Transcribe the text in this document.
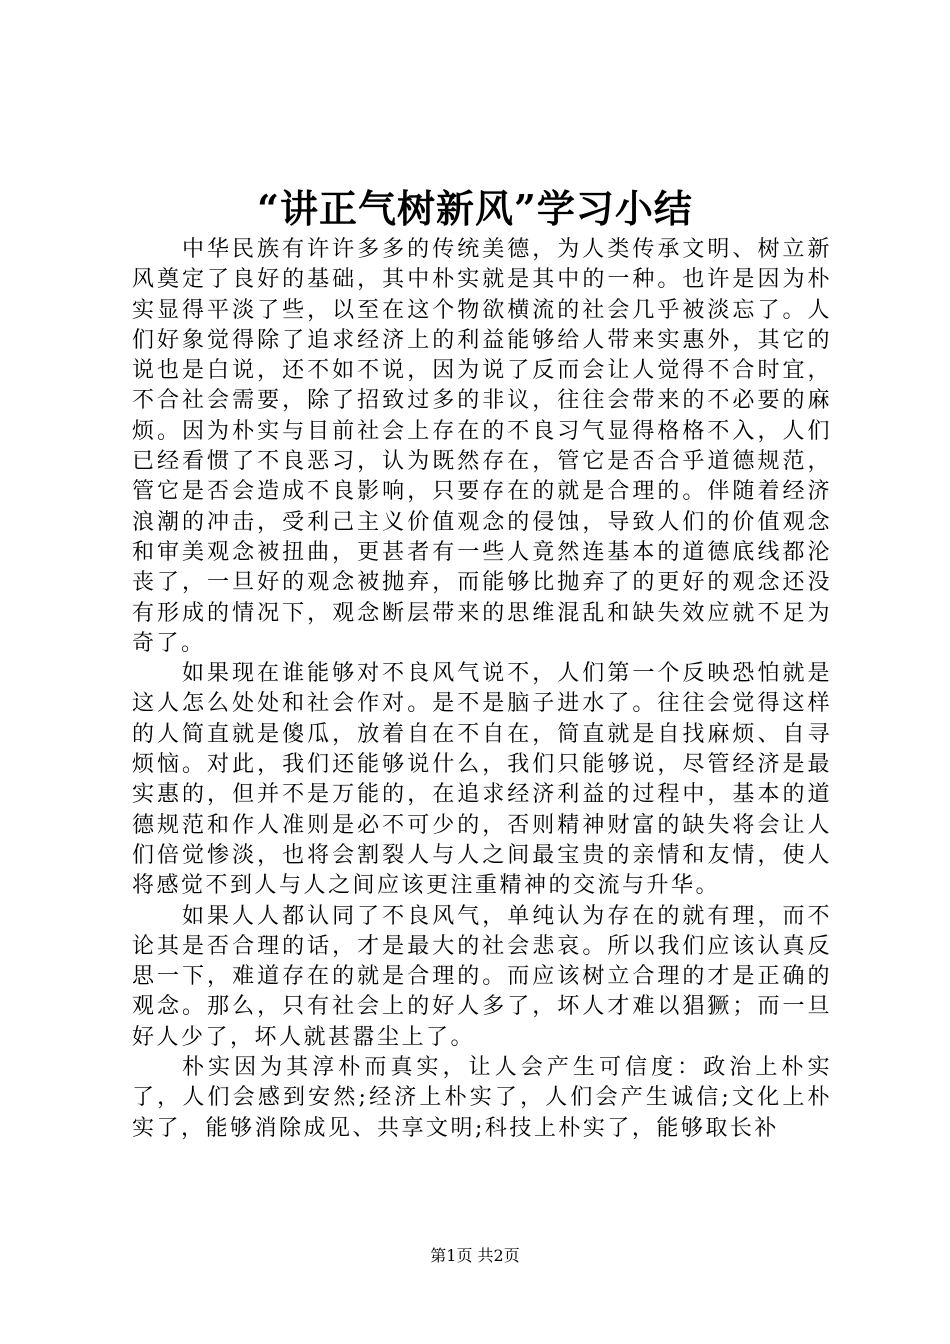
“讲正气树新风”学习小结

中华民族有许许多多的传统美德，为人类传承文明、树立新风奠定了良好的基础，其中朴实就是其中的一种。也许是因为朴实显得平淡了些，以至在这个物欲横流的社会几乎被淡忘了。人们好象觉得除了追求经济上的利益能够给人带来实惠外，其它的说也是白说，还不如不说，因为说了反而会让人觉得不合时宜，不合社会需要，除了招致过多的非议，往往会带来的不必要的麻烦。因为朴实与目前社会上存在的不良习气显得格格不入，人们已经看惯了不良恶习，认为既然存在，管它是否合乎道德规范，管它是否会造成不良影响，只要存在的就是合理的。伴随着经济浪潮的冲击，受利己主义价值观念的侵蚀，导致人们的价值观念和审美观念被扭曲，更甚者有一些人竟然连基本的道德底线都沦丧了，一旦好的观念被抛弃，而能够比抛弃了的更好的观念还没有形成的情况下，观念断层带来的思维混乱和缺失效应就不足为奇了。

如果现在谁能够对不良风气说不，人们第一个反映恐怕就是这人怎么处处和社会作对。是不是脑子进水了。往往会觉得这样的人简直就是傻瓜，放着自在不自在，简直就是自找麻烦、自寻烦恼。对此，我们还能够说什么，我们只能够说，尽管经济是最实惠的，但并不是万能的，在追求经济利益的过程中，基本的道德规范和作人准则是必不可少的，否则精神财富的缺失将会让人们倍觉惨淡，也将会割裂人与人之间最宝贵的亲情和友情，使人将感觉不到人与人之间应该更注重精神的交流与升华。

如果人人都认同了不良风气，单纯认为存在的就有理，而不论其是否合理的话，才是最大的社会悲哀。所以我们应该认真反思一下，难道存在的就是合理的。而应该树立合理的才是正确的观念。那么，只有社会上的好人多了，坏人才难以猖獗；而一旦好人少了，坏人就甚嚣尘上了。

朴实因为其淳朴而真实，让人会产生可信度：政治上朴实了，人们会感到安然;经济上朴实了，人们会产生诚信;文化上朴实了，能够消除成见、共享文明;科技上朴实了，能够取长补

第1页 共2页
